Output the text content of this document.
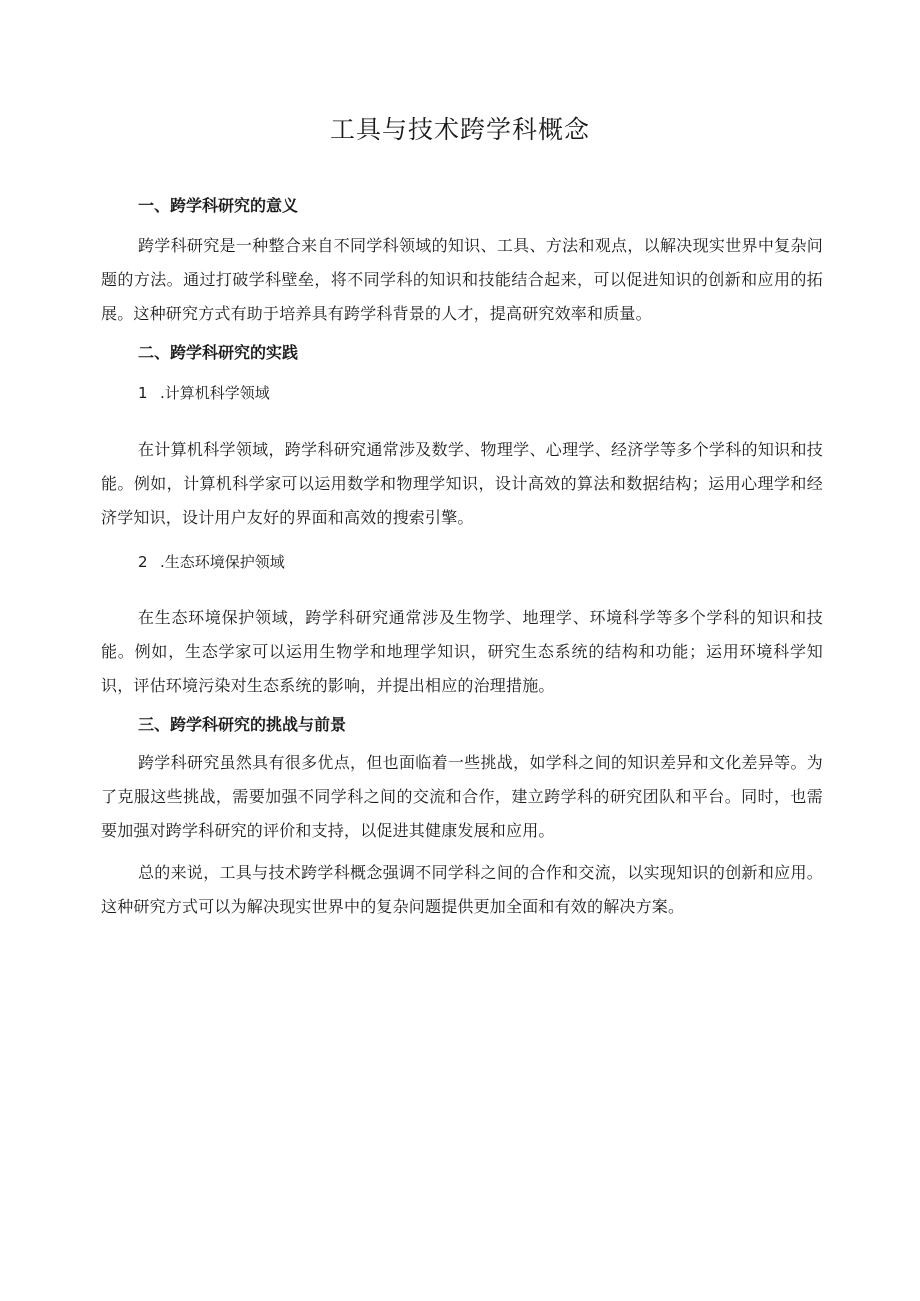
工具与技术跨学科概念
一、跨学科研究的意义

跨学科研究是一种整合来自不同学科领域的知识、工具、方法和观点，以解决现实世界中复杂问题的方法。通过打破学科壁垒，将不同学科的知识和技能结合起来，可以促进知识的创新和应用的拓展。这种研究方式有助于培养具有跨学科背景的人才，提高研究效率和质量。

二、跨学科研究的实践
1 .计算机科学领域

在计算机科学领域，跨学科研究通常涉及数学、物理学、心理学、经济学等多个学科的知识和技能。例如，计算机科学家可以运用数学和物理学知识，设计高效的算法和数据结构；运用心理学和经济学知识，设计用户友好的界面和高效的搜索引擎。

2 .生态环境保护领域

在生态环境保护领域，跨学科研究通常涉及生物学、地理学、环境科学等多个学科的知识和技能。例如，生态学家可以运用生物学和地理学知识，研究生态系统的结构和功能；运用环境科学知识，评估环境污染对生态系统的影响，并提出相应的治理措施。

三、跨学科研究的挑战与前景

跨学科研究虽然具有很多优点，但也面临着一些挑战，如学科之间的知识差异和文化差异等。为了克服这些挑战，需要加强不同学科之间的交流和合作，建立跨学科的研究团队和平台。同时，也需要加强对跨学科研究的评价和支持，以促进其健康发展和应用。

总的来说，工具与技术跨学科概念强调不同学科之间的合作和交流，以实现知识的创新和应用。这种研究方式可以为解决现实世界中的复杂问题提供更加全面和有效的解决方案。
